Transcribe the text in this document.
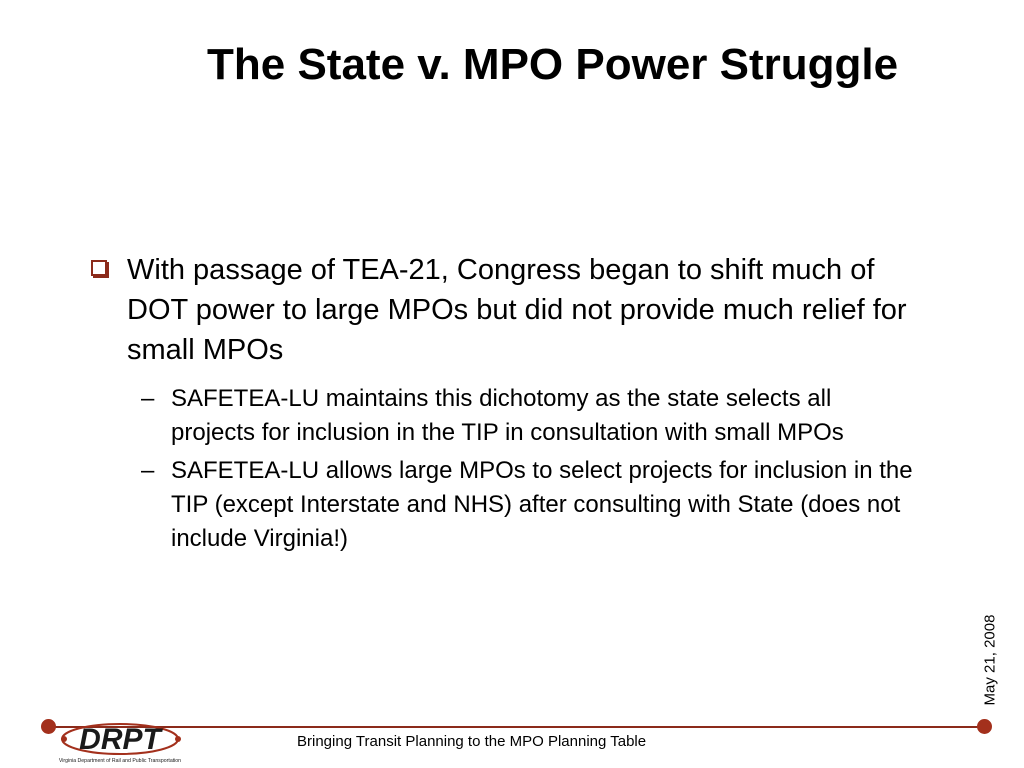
The State v. MPO Power Struggle
With passage of TEA-21, Congress began to shift much of DOT power to large MPOs but did not provide much relief for small MPOs
– SAFETEA-LU maintains this dichotomy as the state selects all projects for inclusion in the TIP in consultation with small MPOs
– SAFETEA-LU allows large MPOs to select projects for inclusion in the TIP (except Interstate and NHS) after consulting with State (does not include Virginia!)
May 21, 2008
DRPT
Virginia Department of Rail and Public Transportation
Bringing Transit Planning to the MPO Planning Table
